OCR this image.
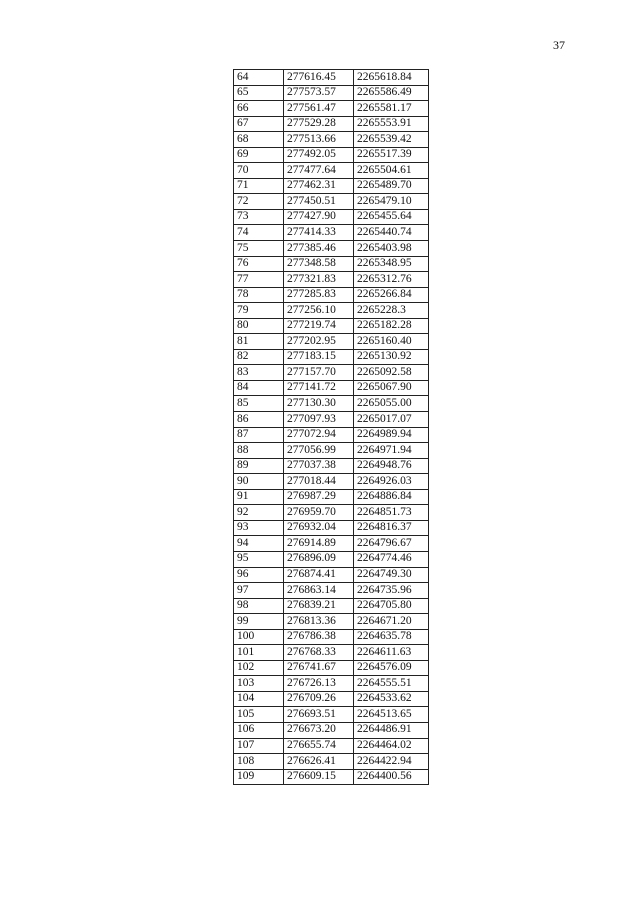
37
64	277616.45	2265618.84
65	277573.57	2265586.49
66	277561.47	2265581.17
67	277529.28	2265553.91
68	277513.66	2265539.42
69	277492.05	2265517.39
70	277477.64	2265504.61
71	277462.31	2265489.70
72	277450.51	2265479.10
73	277427.90	2265455.64
74	277414.33	2265440.74
75	277385.46	2265403.98
76	277348.58	2265348.95
77	277321.83	2265312.76
78	277285.83	2265266.84
79	277256.10	2265228.3
80	277219.74	2265182.28
81	277202.95	2265160.40
82	277183.15	2265130.92
83	277157.70	2265092.58
84	277141.72	2265067.90
85	277130.30	2265055.00
86	277097.93	2265017.07
87	277072.94	2264989.94
88	277056.99	2264971.94
89	277037.38	2264948.76
90	277018.44	2264926.03
91	276987.29	2264886.84
92	276959.70	2264851.73
93	276932.04	2264816.37
94	276914.89	2264796.67
95	276896.09	2264774.46
96	276874.41	2264749.30
97	276863.14	2264735.96
98	276839.21	2264705.80
99	276813.36	2264671.20
100	276786.38	2264635.78
101	276768.33	2264611.63
102	276741.67	2264576.09
103	276726.13	2264555.51
104	276709.26	2264533.62
105	276693.51	2264513.65
106	276673.20	2264486.91
107	276655.74	2264464.02
108	276626.41	2264422.94
109	276609.15	2264400.56
